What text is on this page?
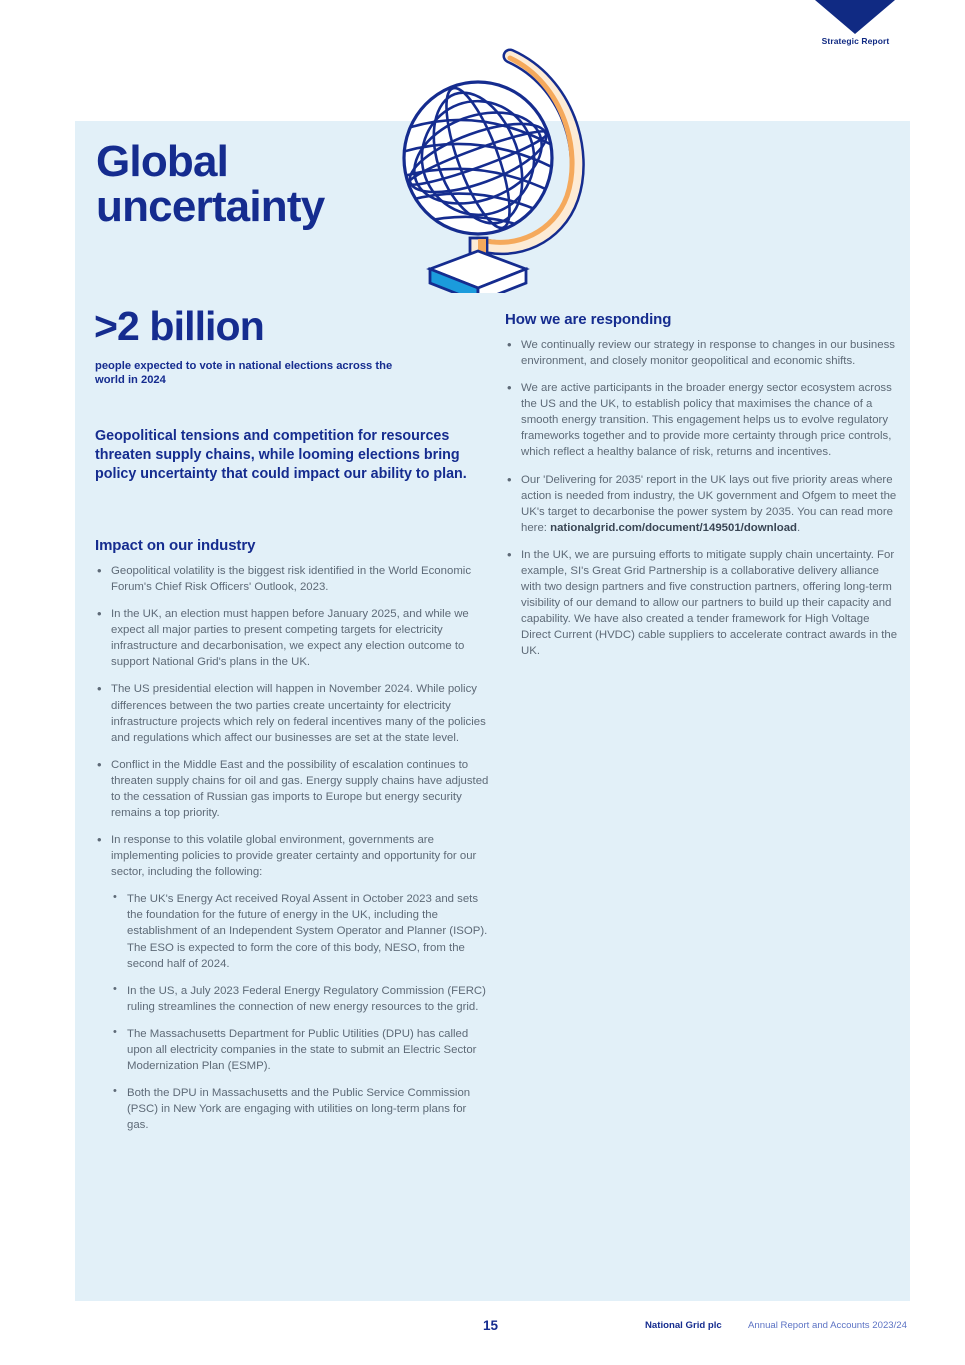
Strategic Report
Global
uncertainty
>2 billion
people expected to vote in national elections across the world in 2024
Geopolitical tensions and competition for resources threaten supply chains, while looming elections bring policy uncertainty that could impact our ability to plan.
Impact on our industry
• Geopolitical volatility is the biggest risk identified in the World Economic Forum's Chief Risk Officers' Outlook, 2023.
• In the UK, an election must happen before January 2025, and while we expect all major parties to present competing targets for electricity infrastructure and decarbonisation, we expect any election outcome to support National Grid's plans in the UK.
• The US presidential election will happen in November 2024. While policy differences between the two parties create uncertainty for electricity infrastructure projects which rely on federal incentives many of the policies and regulations which affect our businesses are set at the state level.
• Conflict in the Middle East and the possibility of escalation continues to threaten supply chains for oil and gas. Energy supply chains have adjusted to the cessation of Russian gas imports to Europe but energy security remains a top priority.
• In response to this volatile global environment, governments are implementing policies to provide greater certainty and opportunity for our sector, including the following:
• The UK's Energy Act received Royal Assent in October 2023 and sets the foundation for the future of energy in the UK, including the establishment of an Independent System Operator and Planner (ISOP). The ESO is expected to form the core of this body, NESO, from the second half of 2024.
• In the US, a July 2023 Federal Energy Regulatory Commission (FERC) ruling streamlines the connection of new energy resources to the grid.
• The Massachusetts Department for Public Utilities (DPU) has called upon all electricity companies in the state to submit an Electric Sector Modernization Plan (ESMP).
• Both the DPU in Massachusetts and the Public Service Commission (PSC) in New York are engaging with utilities on long-term plans for gas.
How we are responding
• We continually review our strategy in response to changes in our business environment, and closely monitor geopolitical and economic shifts.
• We are active participants in the broader energy sector ecosystem across the US and the UK, to establish policy that maximises the chance of a smooth energy transition. This engagement helps us to evolve regulatory frameworks together and to provide more certainty through price controls, which reflect a healthy balance of risk, returns and incentives.
• Our 'Delivering for 2035' report in the UK lays out five priority areas where action is needed from industry, the UK government and Ofgem to meet the UK's target to decarbonise the power system by 2035. You can read more here: nationalgrid.com/document/149501/download.
• In the UK, we are pursuing efforts to mitigate supply chain uncertainty. For example, SI's Great Grid Partnership is a collaborative delivery alliance with two design partners and five construction partners, offering long-term visibility of our demand to allow our partners to build up their capacity and capability. We have also created a tender framework for High Voltage Direct Current (HVDC) cable suppliers to accelerate contract awards in the UK.
15	National Grid plc	Annual Report and Accounts 2023/24
